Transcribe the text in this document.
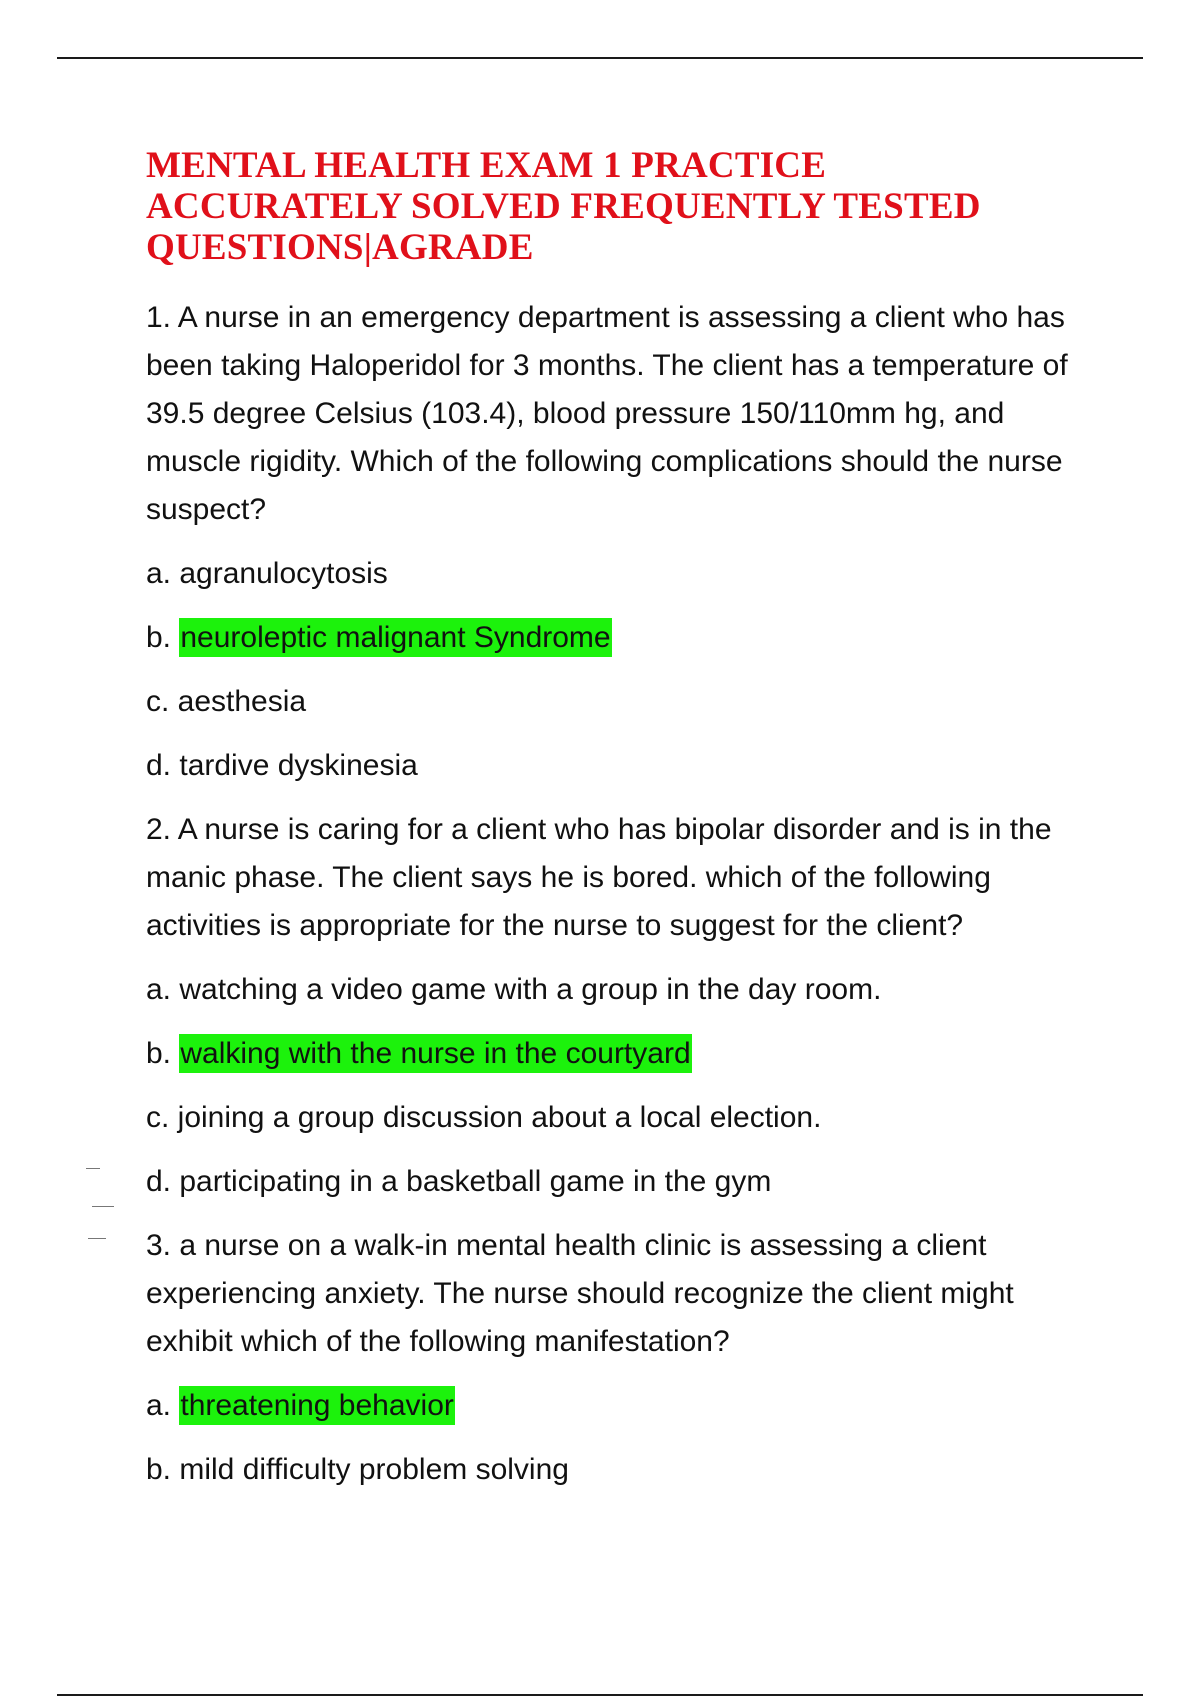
MENTAL HEALTH EXAM 1 PRACTICE
ACCURATELY SOLVED FREQUENTLY TESTED
QUESTIONS|AGRADE

1. A nurse in an emergency department is assessing a client who has been taking Haloperidol for 3 months. The client has a temperature of 39.5 degree Celsius (103.4), blood pressure 150/110mm hg, and muscle rigidity. Which of the following complications should the nurse suspect?

a. agranulocytosis
b. neuroleptic malignant Syndrome
c. aesthesia
d. tardive dyskinesia

2. A nurse is caring for a client who has bipolar disorder and is in the manic phase. The client says he is bored. which of the following activities is appropriate for the nurse to suggest for the client?

a. watching a video game with a group in the day room.
b. walking with the nurse in the courtyard
c. joining a group discussion about a local election.
d. participating in a basketball game in the gym

3. a nurse on a walk-in mental health clinic is assessing a client experiencing anxiety. The nurse should recognize the client might exhibit which of the following manifestation?

a. threatening behavior
b. mild difficulty problem solving
